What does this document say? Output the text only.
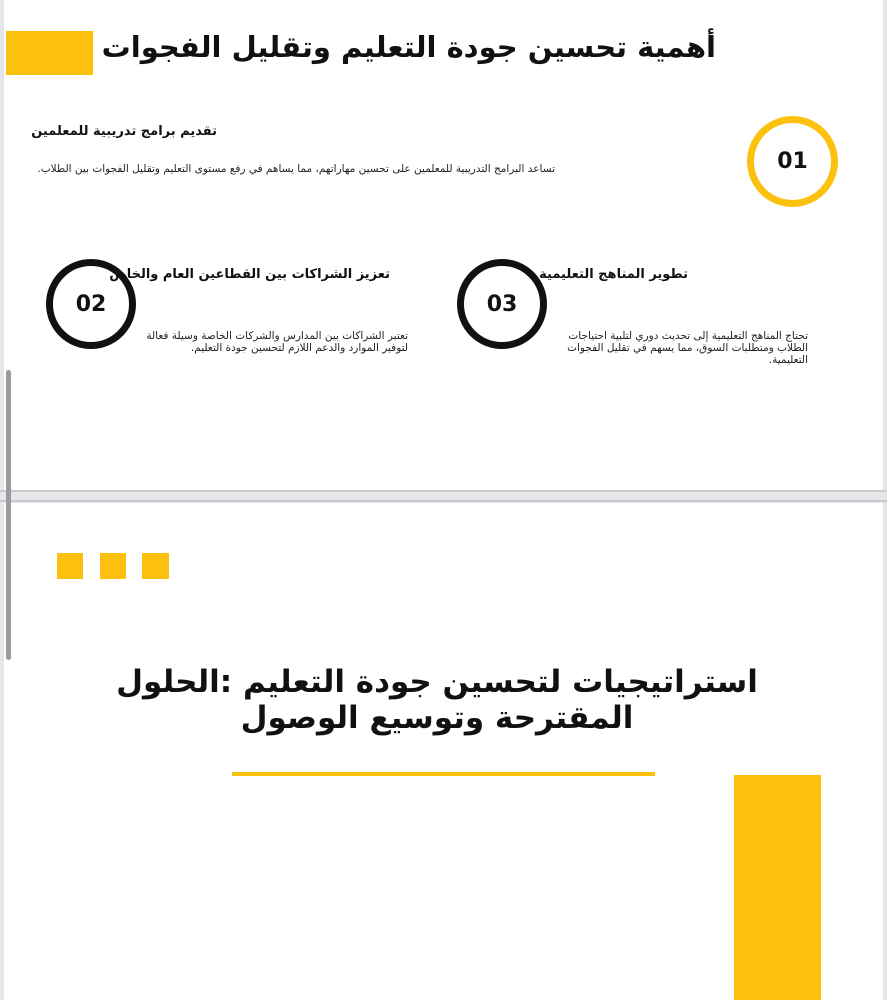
أهمية تحسين جودة التعليم وتقليل الفجوات
01
تقديم برامج تدريبية للمعلمين
تساعد البرامج التدريبية للمعلمين على تحسين مهاراتهم، مما يساهم في رفع مستوى التعليم وتقليل الفجوات بين الطلاب.
02
تعزيز الشراكات بين القطاعين العام والخاص
تعتبر الشراكات بين المدارس والشركات الخاصة وسيلة فعالة لتوفير الموارد والدعم اللازم لتحسين جودة التعليم.
03
تطوير المناهج التعليمية
تحتاج المناهج التعليمية إلى تحديث دوري لتلبية احتياجات الطلاب ومتطلبات السوق، مما يسهم في تقليل الفجوات التعليمية.
استراتيجيات لتحسين جودة التعليم :الحلول المقترحة وتوسيع الوصول
